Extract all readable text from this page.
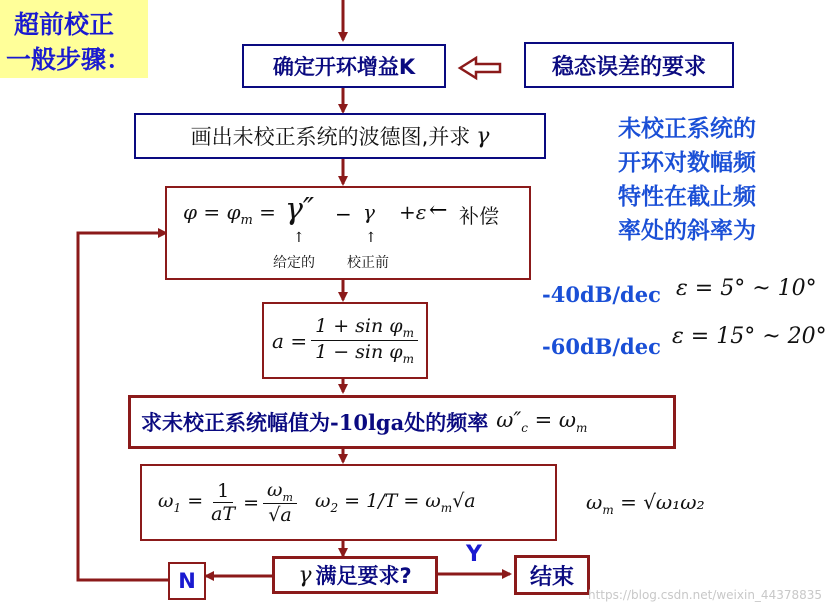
超前校正
一般步骤：	确定开环增益K	稳态误差的要求
画出未校正系统的波德图,并求 γ
$\varphi = \varphi_m = \gamma'' - \gamma +\varepsilon$ ← 补偿
↑	↑
给定的 校正前
$a = \frac{1 + \sin \varphi_m}{1 - \sin \varphi_m}$
求未校正系统幅值为 -10lga 处的频率 $\omega''_c = \omega_m$
$\omega_1 = \frac{1}{aT} = \frac{\omega_m}{√a} \omega_2 = 1/T = \omega_m√a$	$\omega_m = √\omega_1\omega_2$
γ 满足要求?
Y
结束
N
未校正系统的
开环对数幅频
特性在截止频
率处的斜率为
-40dB/dec ε = 5° ~ 10°
-60dB/dec ε = 15° ~ 20°
https://blog.csdn.net/weixin_44378835
